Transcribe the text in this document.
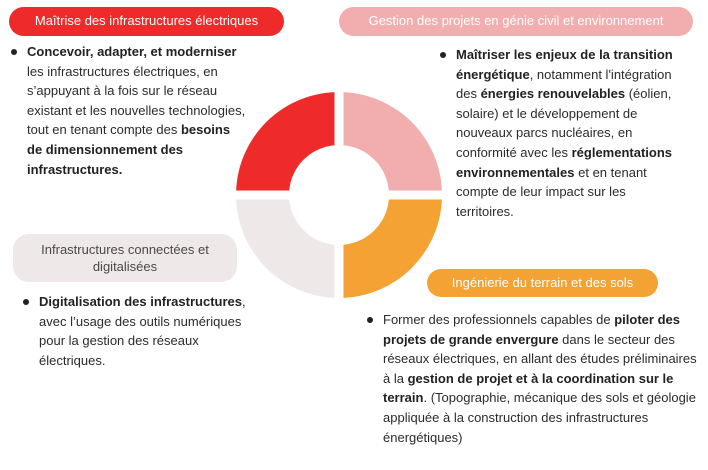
Maîtrise des infrastructures électriques	Gestion des projets en génie civil et environnement
Infrastructures connectées et digitalisées
Ingénierie du terrain et des sols
Concevoir, adapter, et moderniser les infrastructures électriques, en s’appuyant à la fois sur le réseau existant et les nouvelles technologies, tout en tenant compte des besoins de dimensionnement des infrastructures.
Maîtriser les enjeux de la transition énergétique, notamment l'intégration des énergies renouvelables (éolien, solaire) et le développement de nouveaux parcs nucléaires, en conformité avec les réglementations environnementales et en tenant compte de leur impact sur les territoires.
Digitalisation des infrastructures, avec l’usage des outils numériques pour la gestion des réseaux électriques.
Former des professionnels capables de piloter des projets de grande envergure dans le secteur des réseaux électriques, en allant des études préliminaires à la gestion de projet et à la coordination sur le terrain. (Topographie, mécanique des sols et géologie appliquée à la construction des infrastructures énergétiques)
